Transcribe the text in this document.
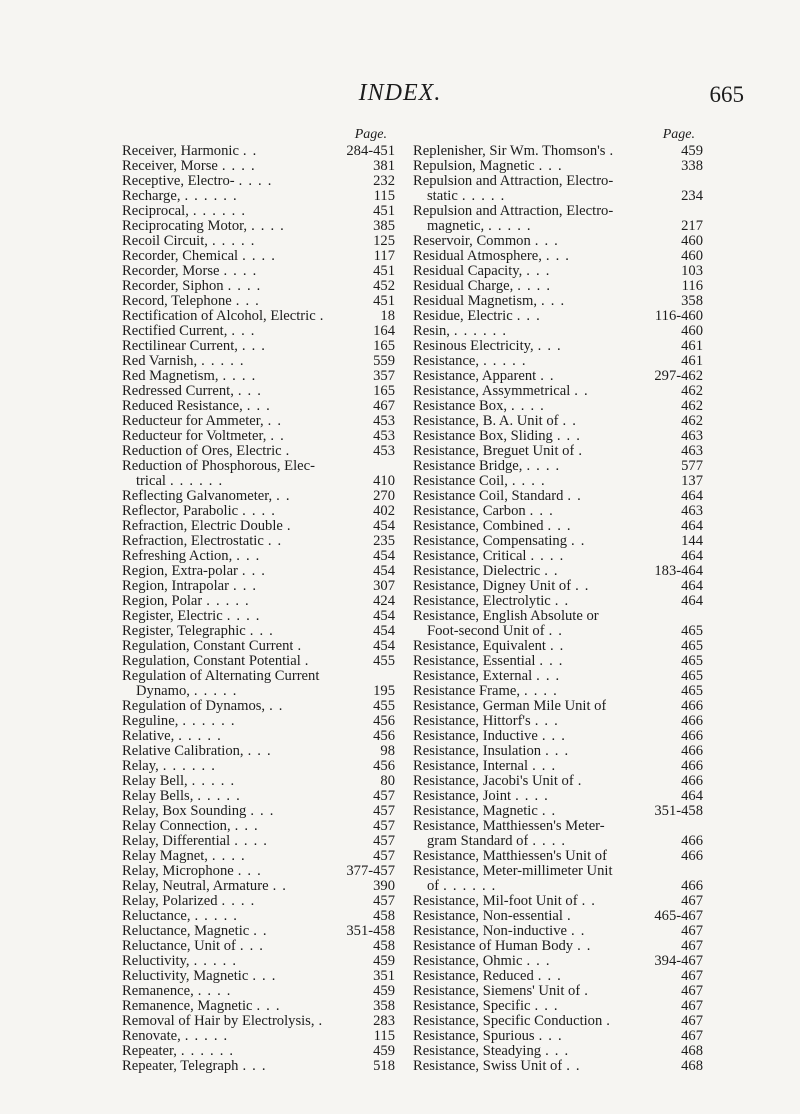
INDEX.	665
Page.
Receiver, Harmonic . .	284-451
Receiver, Morse . . . .	381
Receptive, Electro- . . . .	232
Recharge, . . . . . .	115
Reciprocal, . . . . . .	451
Reciprocating Motor, . . . .	385
Recoil Circuit, . . . . .	125
Recorder, Chemical . . . .	117
Recorder, Morse . . . .	451
Recorder, Siphon . . . .	452
Record, Telephone . . .	451
Rectification of Alcohol, Electric .	18
Rectified Current, . . .	164
Rectilinear Current, . . .	165
Red Varnish, . . . . .	559
Red Magnetism, . . . .	357
Redressed Current, . . .	165
Reduced Resistance, . . .	467
Reducteur for Ammeter, . .	453
Reducteur for Voltmeter, . .	453
Reduction of Ores, Electric .	453
Reduction of Phosphorous, Elec-
trical . . . . . .	410
Reflecting Galvanometer, . .	270
Reflector, Parabolic . . . .	402
Refraction, Electric Double .	454
Refraction, Electrostatic . .	235
Refreshing Action, . . .	454
Region, Extra-polar . . .	454
Region, Intrapolar . . .	307
Region, Polar . . . . .	424
Register, Electric . . . .	454
Register, Telegraphic . . .	454
Regulation, Constant Current .	454
Regulation, Constant Potential .	455
Regulation of Alternating Current
Dynamo, . . . . .	195
Regulation of Dynamos, . .	455
Reguline, . . . . . .	456
Relative, . . . . .	456
Relative Calibration, . . .	98
Relay, . . . . . .	456
Relay Bell, . . . . .	80
Relay Bells, . . . . .	457
Relay, Box Sounding . . .	457
Relay Connection, . . .	457
Relay, Differential . . . .	457
Relay Magnet, . . . .	457
Relay, Microphone . . .	377-457
Relay, Neutral, Armature . .	390
Relay, Polarized . . . .	457
Reluctance, . . . . .	458
Reluctance, Magnetic . .	351-458
Reluctance, Unit of . . .	458
Reluctivity, . . . . .	459
Reluctivity, Magnetic . . .	351
Remanence, . . . .	459
Remanence, Magnetic . . .	358
Removal of Hair by Electrolysis, .	283
Renovate, . . . . .	115
Repeater, . . . . . .	459
Repeater, Telegraph . . .	518
Page.
Replenisher, Sir Wm. Thomson's .	459
Repulsion, Magnetic . . .	338
Repulsion and Attraction, Electro-
static . . . . .	234
Repulsion and Attraction, Electro-
magnetic, . . . . .	217
Reservoir, Common . . .	460
Residual Atmosphere, . . .	460
Residual Capacity, . . .	103
Residual Charge, . . . .	116
Residual Magnetism, . . .	358
Residue, Electric . . .	116-460
Resin, . . . . . .	460
Resinous Electricity, . . .	461
Resistance, . . . . .	461
Resistance, Apparent . .	297-462
Resistance, Assymmetrical . .	462
Resistance Box, . . . .	462
Resistance, B. A. Unit of . .	462
Resistance Box, Sliding . . .	463
Resistance, Breguet Unit of .	463
Resistance Bridge, . . . .	577
Resistance Coil, . . . .	137
Resistance Coil, Standard . .	464
Resistance, Carbon . . .	463
Resistance, Combined . . .	464
Resistance, Compensating . .	144
Resistance, Critical . . . .	464
Resistance, Dielectric . .	183-464
Resistance, Digney Unit of . .	464
Resistance, Electrolytic . .	464
Resistance, English Absolute or
Foot-second Unit of . .	465
Resistance, Equivalent . .	465
Resistance, Essential . . .	465
Resistance, External . . .	465
Resistance Frame, . . . .	465
Resistance, German Mile Unit of	466
Resistance, Hittorf's . . .	466
Resistance, Inductive . . .	466
Resistance, Insulation . . .	466
Resistance, Internal . . .	466
Resistance, Jacobi's Unit of .	466
Resistance, Joint . . . .	464
Resistance, Magnetic . .	351-458
Resistance, Matthiessen's Meter-
gram Standard of . . . .	466
Resistance, Matthiessen's Unit of	466
Resistance, Meter-millimeter Unit
of . . . . . .	466
Resistance, Mil-foot Unit of . .	467
Resistance, Non-essential .	465-467
Resistance, Non-inductive . .	467
Resistance of Human Body . .	467
Resistance, Ohmic . . .	394-467
Resistance, Reduced . . .	467
Resistance, Siemens' Unit of .	467
Resistance, Specific . . .	467
Resistance, Specific Conduction .	467
Resistance, Spurious . . .	467
Resistance, Steadying . . .	468
Resistance, Swiss Unit of . .	468
